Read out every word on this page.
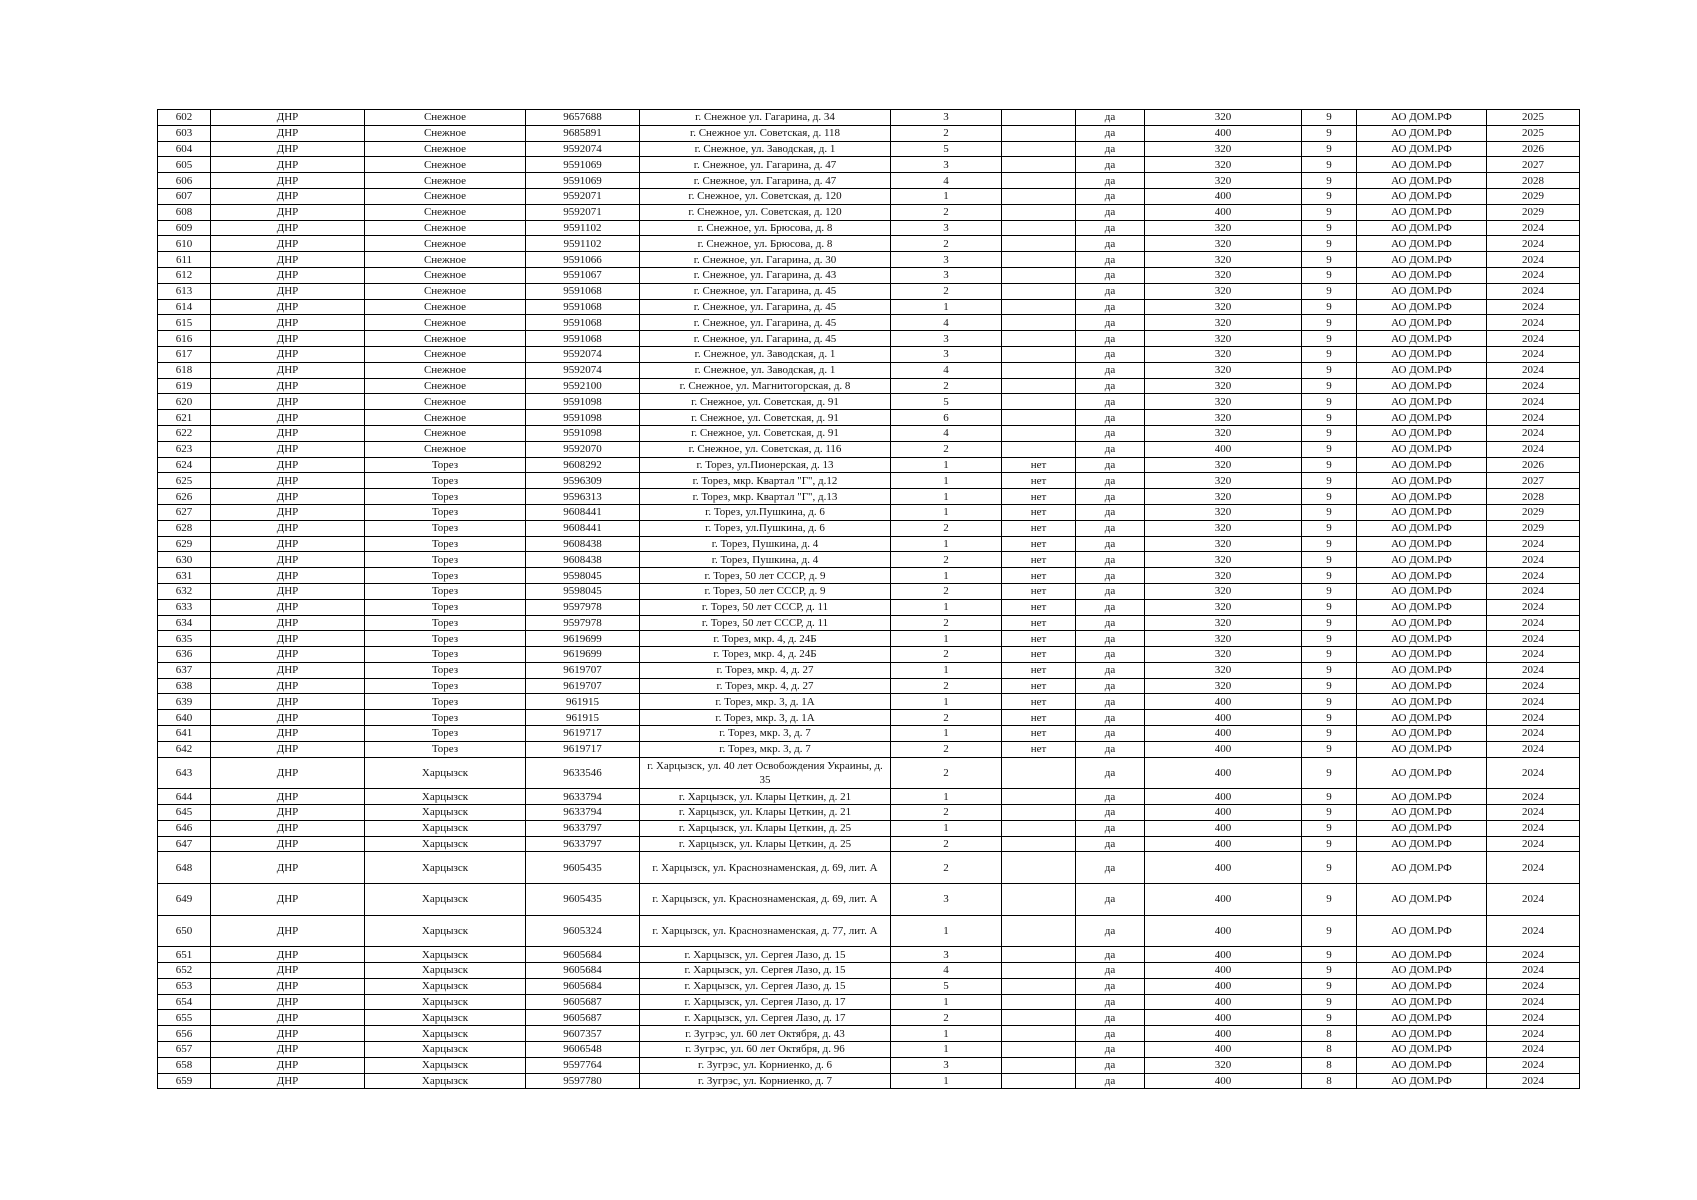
602	ДНР	Снежное	9657688	г. Снежное ул. Гагарина, д. 34	3		да	320	9	АО ДОМ.РФ	2025
603	ДНР	Снежное	9685891	г. Снежное ул. Советская, д. 118	2		да	400	9	АО ДОМ.РФ	2025
604	ДНР	Снежное	9592074	г. Снежное, ул. Заводская, д. 1	5		да	320	9	АО ДОМ.РФ	2026
605	ДНР	Снежное	9591069	г. Снежное, ул. Гагарина, д. 47	3		да	320	9	АО ДОМ.РФ	2027
606	ДНР	Снежное	9591069	г. Снежное, ул. Гагарина, д. 47	4		да	320	9	АО ДОМ.РФ	2028
607	ДНР	Снежное	9592071	г. Снежное, ул. Советская, д. 120	1		да	400	9	АО ДОМ.РФ	2029
608	ДНР	Снежное	9592071	г. Снежное, ул. Советская, д. 120	2		да	400	9	АО ДОМ.РФ	2029
609	ДНР	Снежное	9591102	г. Снежное, ул. Брюсова, д. 8	3		да	320	9	АО ДОМ.РФ	2024
610	ДНР	Снежное	9591102	г. Снежное, ул. Брюсова, д. 8	2		да	320	9	АО ДОМ.РФ	2024
611	ДНР	Снежное	9591066	г. Снежное, ул. Гагарина, д. 30	3		да	320	9	АО ДОМ.РФ	2024
612	ДНР	Снежное	9591067	г. Снежное, ул. Гагарина, д. 43	3		да	320	9	АО ДОМ.РФ	2024
613	ДНР	Снежное	9591068	г. Снежное, ул. Гагарина, д. 45	2		да	320	9	АО ДОМ.РФ	2024
614	ДНР	Снежное	9591068	г. Снежное, ул. Гагарина, д. 45	1		да	320	9	АО ДОМ.РФ	2024
615	ДНР	Снежное	9591068	г. Снежное, ул. Гагарина, д. 45	4		да	320	9	АО ДОМ.РФ	2024
616	ДНР	Снежное	9591068	г. Снежное, ул. Гагарина, д. 45	3		да	320	9	АО ДОМ.РФ	2024
617	ДНР	Снежное	9592074	г. Снежное, ул. Заводская, д. 1	3		да	320	9	АО ДОМ.РФ	2024
618	ДНР	Снежное	9592074	г. Снежное, ул. Заводская, д. 1	4		да	320	9	АО ДОМ.РФ	2024
619	ДНР	Снежное	9592100	г. Снежное, ул. Магнитогорская, д. 8	2		да	320	9	АО ДОМ.РФ	2024
620	ДНР	Снежное	9591098	г. Снежное, ул. Советская, д. 91	5		да	320	9	АО ДОМ.РФ	2024
621	ДНР	Снежное	9591098	г. Снежное, ул. Советская, д. 91	6		да	320	9	АО ДОМ.РФ	2024
622	ДНР	Снежное	9591098	г. Снежное, ул. Советская, д. 91	4		да	320	9	АО ДОМ.РФ	2024
623	ДНР	Снежное	9592070	г. Снежное, ул. Советская, д. 116	2		да	400	9	АО ДОМ.РФ	2024
624	ДНР	Торез	9608292	г. Торез, ул.Пионерская, д. 13	1	нет	да	320	9	АО ДОМ.РФ	2026
625	ДНР	Торез	9596309	г. Торез, мкр. Квартал "Г", д.12	1	нет	да	320	9	АО ДОМ.РФ	2027
626	ДНР	Торез	9596313	г. Торез, мкр. Квартал "Г", д.13	1	нет	да	320	9	АО ДОМ.РФ	2028
627	ДНР	Торез	9608441	г. Торез, ул.Пушкина, д. 6	1	нет	да	320	9	АО ДОМ.РФ	2029
628	ДНР	Торез	9608441	г. Торез, ул.Пушкина, д. 6	2	нет	да	320	9	АО ДОМ.РФ	2029
629	ДНР	Торез	9608438	г. Торез, Пушкина, д. 4	1	нет	да	320	9	АО ДОМ.РФ	2024
630	ДНР	Торез	9608438	г. Торез, Пушкина, д. 4	2	нет	да	320	9	АО ДОМ.РФ	2024
631	ДНР	Торез	9598045	г. Торез, 50 лет СССР, д. 9	1	нет	да	320	9	АО ДОМ.РФ	2024
632	ДНР	Торез	9598045	г. Торез, 50 лет СССР, д. 9	2	нет	да	320	9	АО ДОМ.РФ	2024
633	ДНР	Торез	9597978	г. Торез, 50 лет СССР, д. 11	1	нет	да	320	9	АО ДОМ.РФ	2024
634	ДНР	Торез	9597978	г. Торез, 50 лет СССР, д. 11	2	нет	да	320	9	АО ДОМ.РФ	2024
635	ДНР	Торез	9619699	г. Торез, мкр. 4, д. 24Б	1	нет	да	320	9	АО ДОМ.РФ	2024
636	ДНР	Торез	9619699	г. Торез, мкр. 4, д. 24Б	2	нет	да	320	9	АО ДОМ.РФ	2024
637	ДНР	Торез	9619707	г. Торез, мкр. 4, д. 27	1	нет	да	320	9	АО ДОМ.РФ	2024
638	ДНР	Торез	9619707	г. Торез, мкр. 4, д. 27	2	нет	да	320	9	АО ДОМ.РФ	2024
639	ДНР	Торез	961915	г. Торез, мкр. 3, д. 1А	1	нет	да	400	9	АО ДОМ.РФ	2024
640	ДНР	Торез	961915	г. Торез, мкр. 3, д. 1А	2	нет	да	400	9	АО ДОМ.РФ	2024
641	ДНР	Торез	9619717	г. Торез, мкр. 3, д. 7	1	нет	да	400	9	АО ДОМ.РФ	2024
642	ДНР	Торез	9619717	г. Торез, мкр. 3, д. 7	2	нет	да	400	9	АО ДОМ.РФ	2024
643	ДНР	Харцызск	9633546	г. Харцызск, ул. 40 лет Освобождения Украины, д. 35	2		да	400	9	АО ДОМ.РФ	2024
644	ДНР	Харцызск	9633794	г. Харцызск, ул. Клары Цеткин, д. 21	1		да	400	9	АО ДОМ.РФ	2024
645	ДНР	Харцызск	9633794	г. Харцызск, ул. Клары Цеткин, д. 21	2		да	400	9	АО ДОМ.РФ	2024
646	ДНР	Харцызск	9633797	г. Харцызск, ул. Клары Цеткин, д. 25	1		да	400	9	АО ДОМ.РФ	2024
647	ДНР	Харцызск	9633797	г. Харцызск, ул. Клары Цеткин, д. 25	2		да	400	9	АО ДОМ.РФ	2024
648	ДНР	Харцызск	9605435	г. Харцызск, ул. Краснознаменская, д. 69, лит. А	2		да	400	9	АО ДОМ.РФ	2024
649	ДНР	Харцызск	9605435	г. Харцызск, ул. Краснознаменская, д. 69, лит. А	3		да	400	9	АО ДОМ.РФ	2024
650	ДНР	Харцызск	9605324	г. Харцызск, ул. Краснознаменская, д. 77, лит. А	1		да	400	9	АО ДОМ.РФ	2024
651	ДНР	Харцызск	9605684	г. Харцызск, ул. Сергея Лазо, д. 15	3		да	400	9	АО ДОМ.РФ	2024
652	ДНР	Харцызск	9605684	г. Харцызск, ул. Сергея Лазо, д. 15	4		да	400	9	АО ДОМ.РФ	2024
653	ДНР	Харцызск	9605684	г. Харцызск, ул. Сергея Лазо, д. 15	5		да	400	9	АО ДОМ.РФ	2024
654	ДНР	Харцызск	9605687	г. Харцызск, ул. Сергея Лазо, д. 17	1		да	400	9	АО ДОМ.РФ	2024
655	ДНР	Харцызск	9605687	г. Харцызск, ул. Сергея Лазо, д. 17	2		да	400	9	АО ДОМ.РФ	2024
656	ДНР	Харцызск	9607357	г. Зугрэс, ул. 60 лет Октября, д. 43	1		да	400	8	АО ДОМ.РФ	2024
657	ДНР	Харцызск	9606548	г. Зугрэс, ул. 60 лет Октября, д. 96	1		да	400	8	АО ДОМ.РФ	2024
658	ДНР	Харцызск	9597764	г. Зугрэс, ул. Корниенко, д. 6	3		да	320	8	АО ДОМ.РФ	2024
659	ДНР	Харцызск	9597780	г. Зугрэс, ул. Корниенко, д. 7	1		да	400	8	АО ДОМ.РФ	2024
